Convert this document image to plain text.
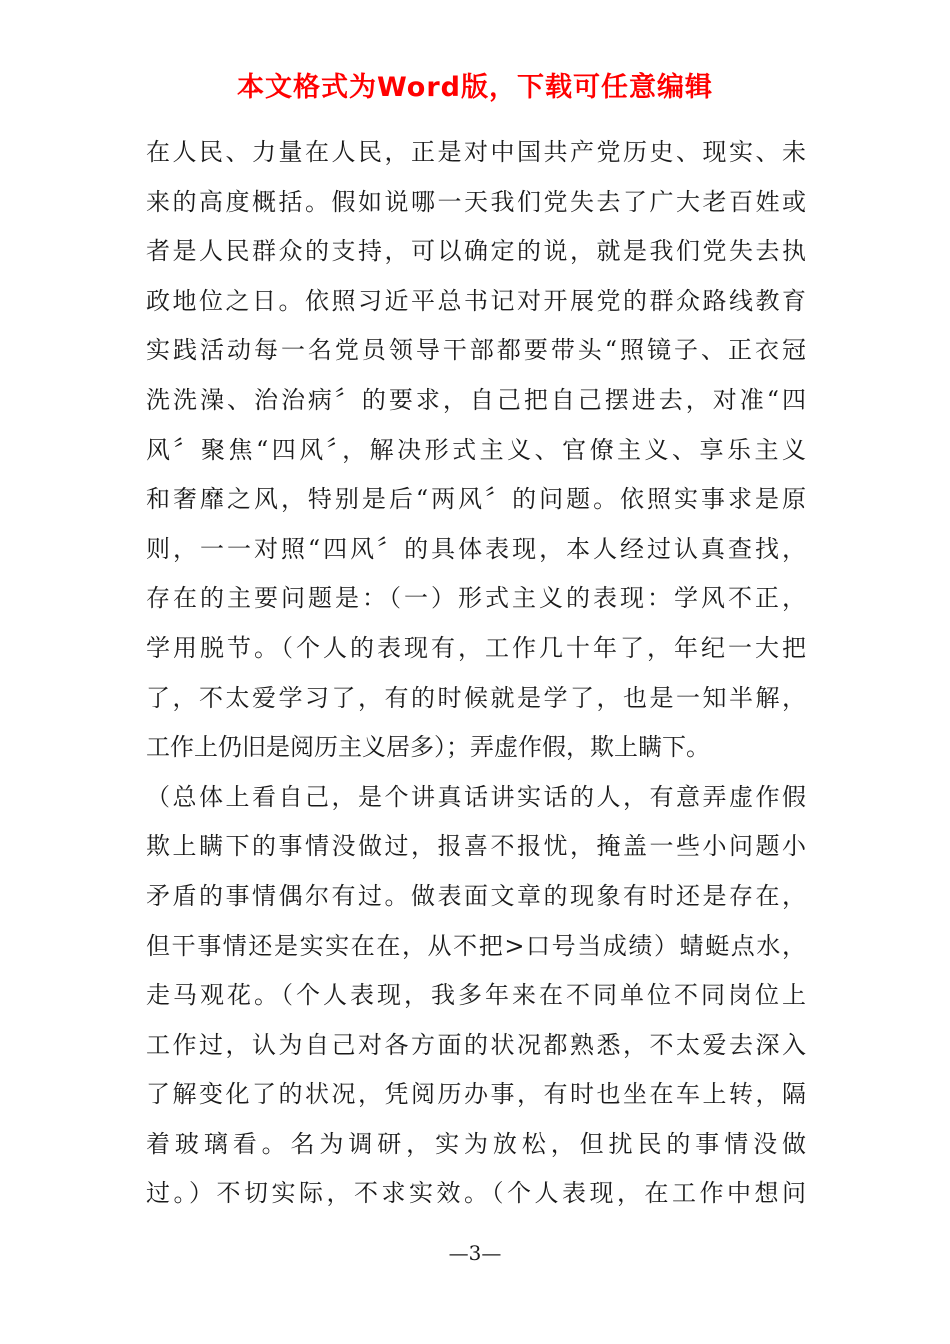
本文格式为Word版，下载可任意编辑
在人民、力量在人民，正是对中国共产党历史、现实、未
来的高度概括。假如说哪一天我们党失去了广大老百姓或
者是人民群众的支持，可以确定的说，就是我们党失去执
政地位之日。依照习近平总书记对开展党的群众路线教育
实践活动每一名党员领导干部都要带头“照镜子、正衣冠
洗洗澡、治治病〞的要求，自己把自己摆进去，对准“四
风〞聚焦“四风〞，解决形式主义、官僚主义、享乐主义
和奢靡之风，特别是后“两风〞的问题。依照实事求是原
则，一一对照“四风〞的具体表现，本人经过认真查找，
存在的主要问题是：（一）形式主义的表现：学风不正，
学用脱节。（个人的表现有，工作几十年了，年纪一大把
了，不太爱学习了，有的时候就是学了，也是一知半解，
工作上仍旧是阅历主义居多）；弄虚作假，欺上瞒下。
（总体上看自己，是个讲真话讲实话的人，有意弄虚作假
欺上瞒下的事情没做过，报喜不报忧，掩盖一些小问题小
矛盾的事情偶尔有过。做表面文章的现象有时还是存在，
但干事情还是实实在在，从不把>口号当成绩）蜻蜓点水，
走马观花。（个人表现，我多年来在不同单位不同岗位上
工作过，认为自己对各方面的状况都熟悉，不太爱去深入
了解变化了的状况，凭阅历办事，有时也坐在车上转，隔
着玻璃看。名为调研，实为放松，但扰民的事情没做
过。）不切实际，不求实效。（个人表现，在工作中想问
—3—
